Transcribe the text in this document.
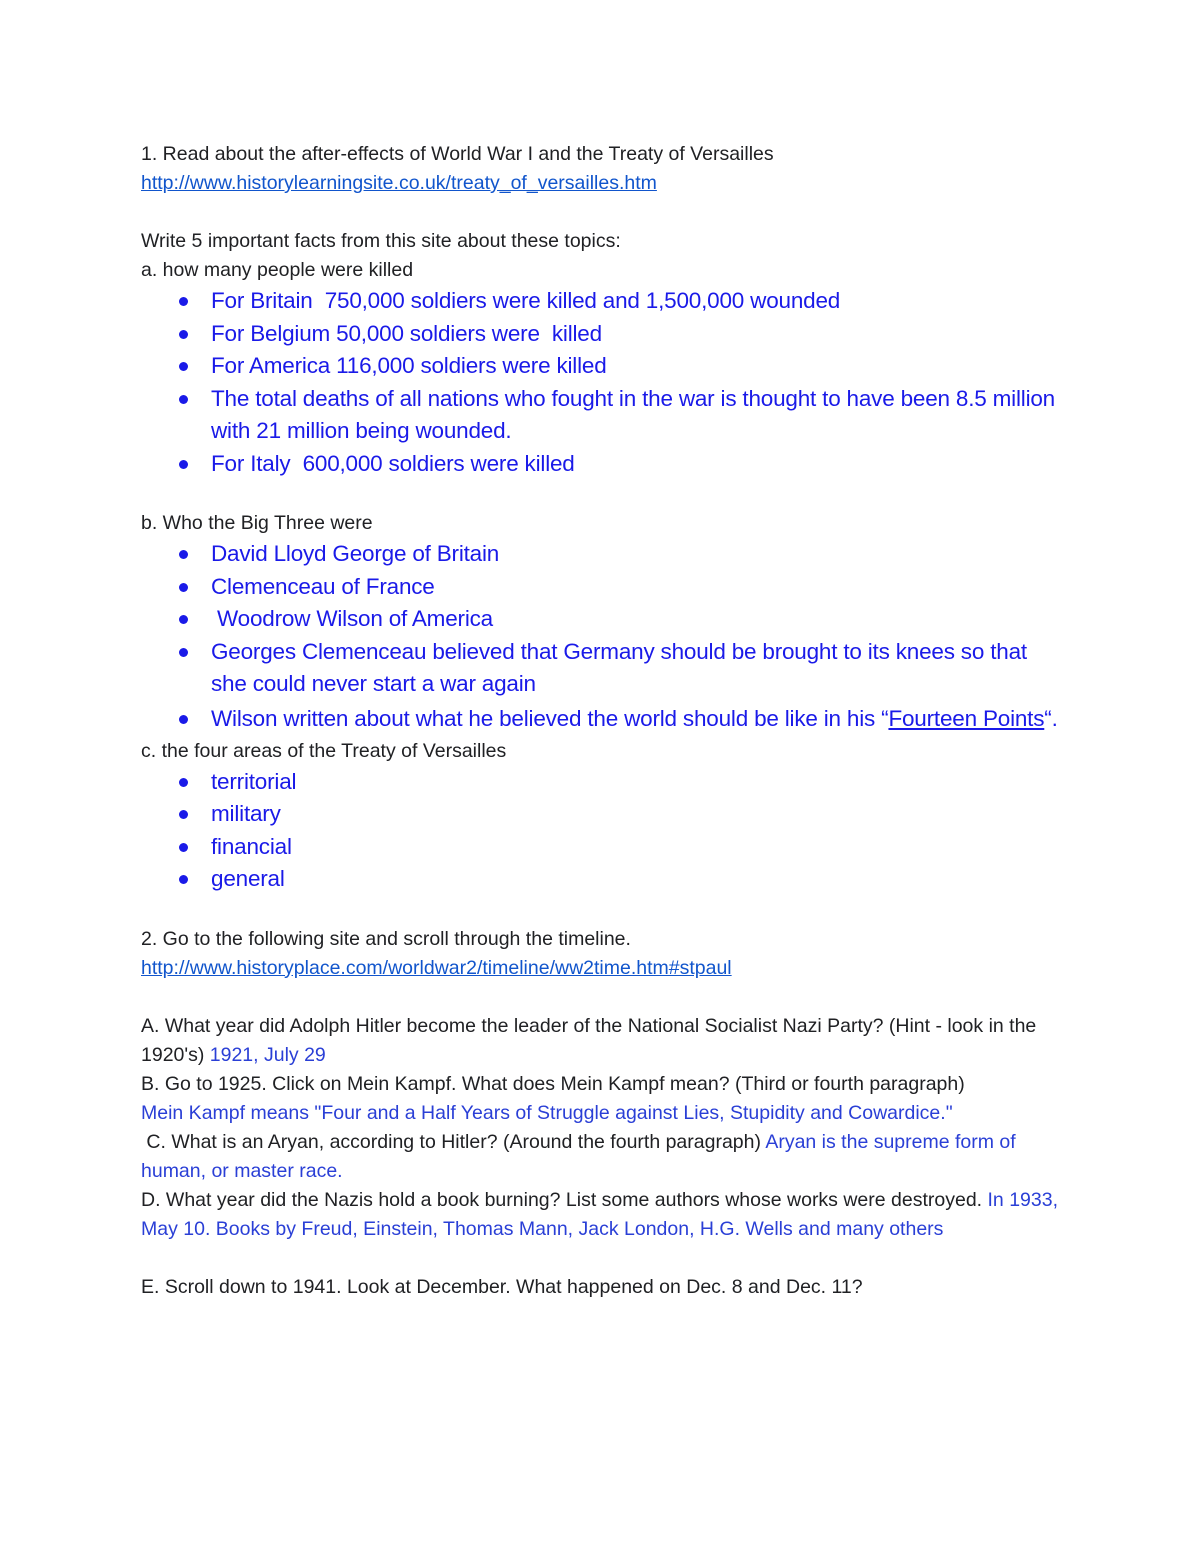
1. Read about the after-effects of World War I and the Treaty of Versailles

http://www.historylearningsite.co.uk/treaty_of_versailles.htm

Write 5 important facts from this site about these topics:

a. how many people were killed

For Britain  750,000 soldiers were killed and 1,500,000 wounded
For Belgium 50,000 soldiers were  killed
For America 116,000 soldiers were killed
The total deaths of all nations who fought in the war is thought to have been 8.5 million with 21 million being wounded.
For Italy  600,000 soldiers were killed

b. Who the Big Three were

David Lloyd George of Britain
Clemenceau of France
Woodrow Wilson of America
Georges Clemenceau believed that Germany should be brought to its knees so that she could never start a war again
Wilson written about what he believed the world should be like in his “Fourteen Points“.

c. the four areas of the Treaty of Versailles

territorial
military
financial
general

2. Go to the following site and scroll through the timeline.

http://www.historyplace.com/worldwar2/timeline/ww2time.htm#stpaul

A. What year did Adolph Hitler become the leader of the National Socialist Nazi Party? (Hint - look in the 1920's) 1921, July 29

B. Go to 1925. Click on Mein Kampf. What does Mein Kampf mean? (Third or fourth paragraph)
Mein Kampf means "Four and a Half Years of Struggle against Lies, Stupidity and Cowardice."

C. What is an Aryan, according to Hitler? (Around the fourth paragraph) Aryan is the supreme form of human, or master race.

D. What year did the Nazis hold a book burning? List some authors whose works were destroyed. In 1933, May 10. Books by Freud, Einstein, Thomas Mann, Jack London, H.G. Wells and many others

E. Scroll down to 1941. Look at December. What happened on Dec. 8 and Dec. 11?
